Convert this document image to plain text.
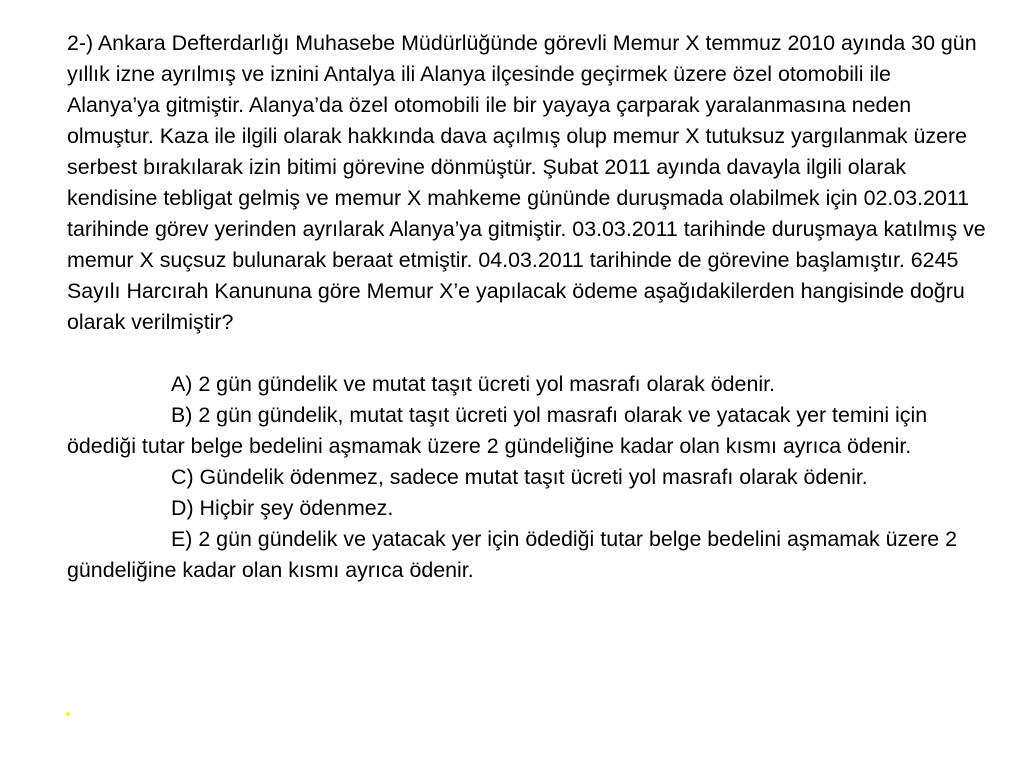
2-) Ankara Defterdarlığı Muhasebe Müdürlüğünde görevli Memur X temmuz 2010 ayında 30 gün yıllık izne ayrılmış ve iznini Antalya ili Alanya ilçesinde geçirmek üzere özel otomobili ile Alanya’ya gitmiştir. Alanya’da özel otomobili ile bir yayaya çarparak yaralanmasına neden olmuştur. Kaza ile ilgili olarak hakkında dava açılmış olup memur X tutuksuz yargılanmak üzere serbest bırakılarak izin bitimi görevine dönmüştür. Şubat 2011 ayında davayla ilgili olarak kendisine tebligat gelmiş ve memur X mahkeme gününde duruşmada olabilmek için 02.03.2011 tarihinde görev yerinden ayrılarak Alanya’ya gitmiştir. 03.03.2011 tarihinde duruşmaya katılmış ve memur X suçsuz bulunarak beraat etmiştir. 04.03.2011 tarihinde de görevine başlamıştır. 6245 Sayılı Harcırah Kanununa göre Memur X’e yapılacak ödeme aşağıdakilerden hangisinde doğru olarak verilmiştir?

A) 2 gün gündelik ve mutat taşıt ücreti yol masrafı olarak ödenir.

B) 2 gün gündelik, mutat taşıt ücreti yol masrafı olarak ve yatacak yer temini için ödediği tutar belge bedelini aşmamak üzere 2 gündeliğine kadar olan kısmı ayrıca ödenir.

C) Gündelik ödenmez, sadece mutat taşıt ücreti yol masrafı olarak ödenir.

D) Hiçbir şey ödenmez.

E) 2 gün gündelik ve yatacak yer için ödediği tutar belge bedelini aşmamak üzere 2 gündeliğine kadar olan kısmı ayrıca ödenir.
